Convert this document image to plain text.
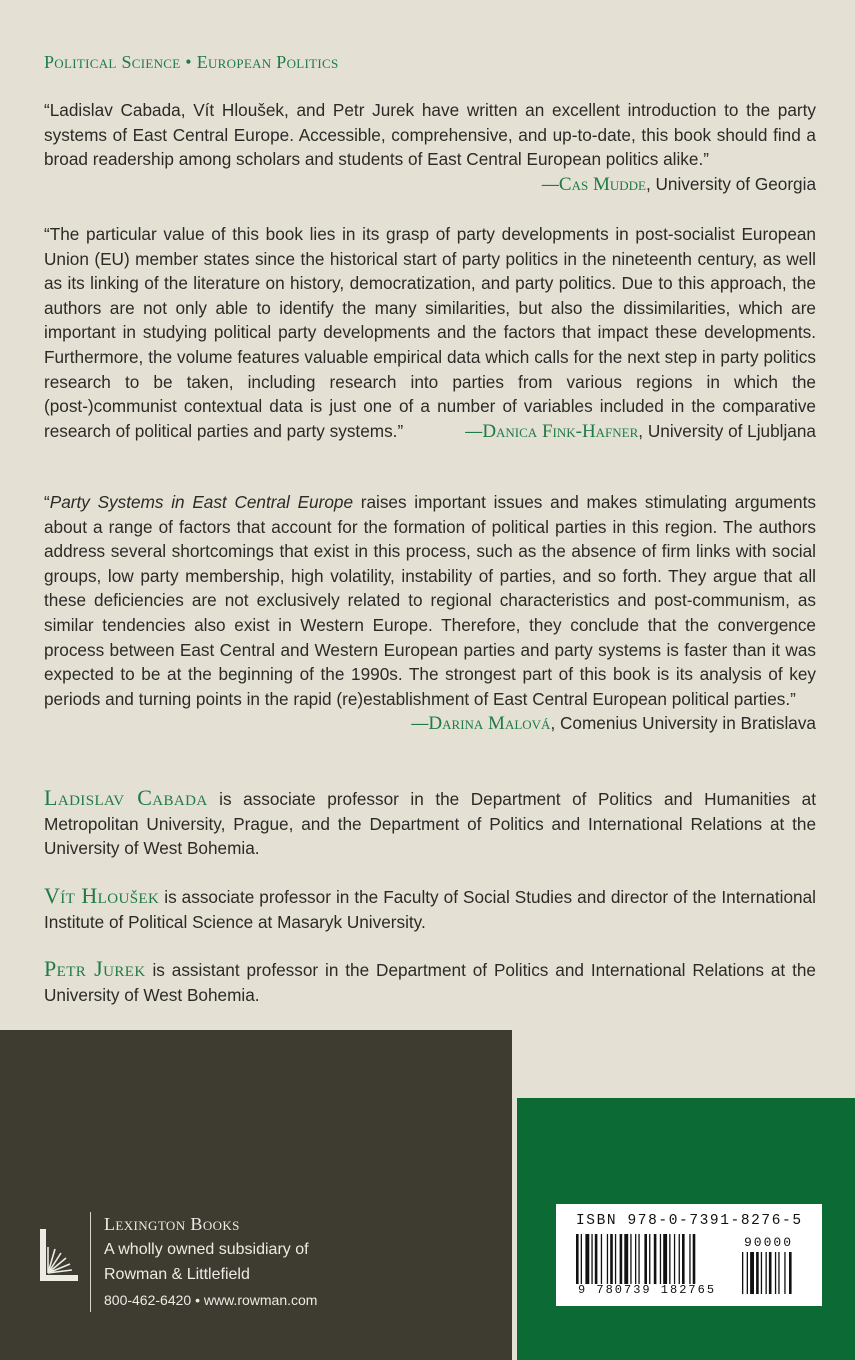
Political Science • European Politics

“Ladislav Cabada, Vít Hloušek, and Petr Jurek have written an excellent introduction to the party systems of East Central Europe. Accessible, comprehensive, and up-to-date, this book should find a broad readership among scholars and students of East Central European politics alike.”

—Cas Mudde, University of Georgia

“The particular value of this book lies in its grasp of party developments in post-socialist European Union (EU) member states since the historical start of party politics in the nineteenth century, as well as its linking of the literature on history, democratization, and party politics. Due to this approach, the authors are not only able to identify the many similarities, but also the dissimilarities, which are important in studying political party developments and the factors that impact these developments. Furthermore, the volume features valuable empirical data which calls for the next step in party politics research to be taken, including research into parties from various regions in which the (post-)communist contextual data is just one of a number of variables included in the comparative research of political parties and party systems.”	—Danica Fink-Hafner, University of Ljubljana

“Party Systems in East Central Europe raises important issues and makes stimulating arguments about a range of factors that account for the formation of political parties in this region. The authors address several shortcomings that exist in this process, such as the absence of firm links with social groups, low party membership, high volatility, instability of parties, and so forth. They argue that all these deficiencies are not exclusively related to regional characteristics and post-communism, as similar tendencies also exist in Western Europe. Therefore, they conclude that the convergence process between East Central and Western European parties and party systems is faster than it was expected to be at the beginning of the 1990s. The strongest part of this book is its analysis of key periods and turning points in the rapid (re)establishment of East Central European political parties.”

—Darina Malová, Comenius University in Bratislava

Ladislav Cabada is associate professor in the Department of Politics and Humanities at Metropolitan University, Prague, and the Department of Politics and International Relations at the University of West Bohemia.

Vít Hloušek is associate professor in the Faculty of Social Studies and director of the International Institute of Political Science at Masaryk University.

Petr Jurek is assistant professor in the Department of Politics and International Relations at the University of West Bohemia.

Lexington Books
A wholly owned subsidiary of
Rowman & Littlefield
800-462-6420 • www.rowman.com
ISBN 978-0-7391-8276-5
90000
9 780739 182765
